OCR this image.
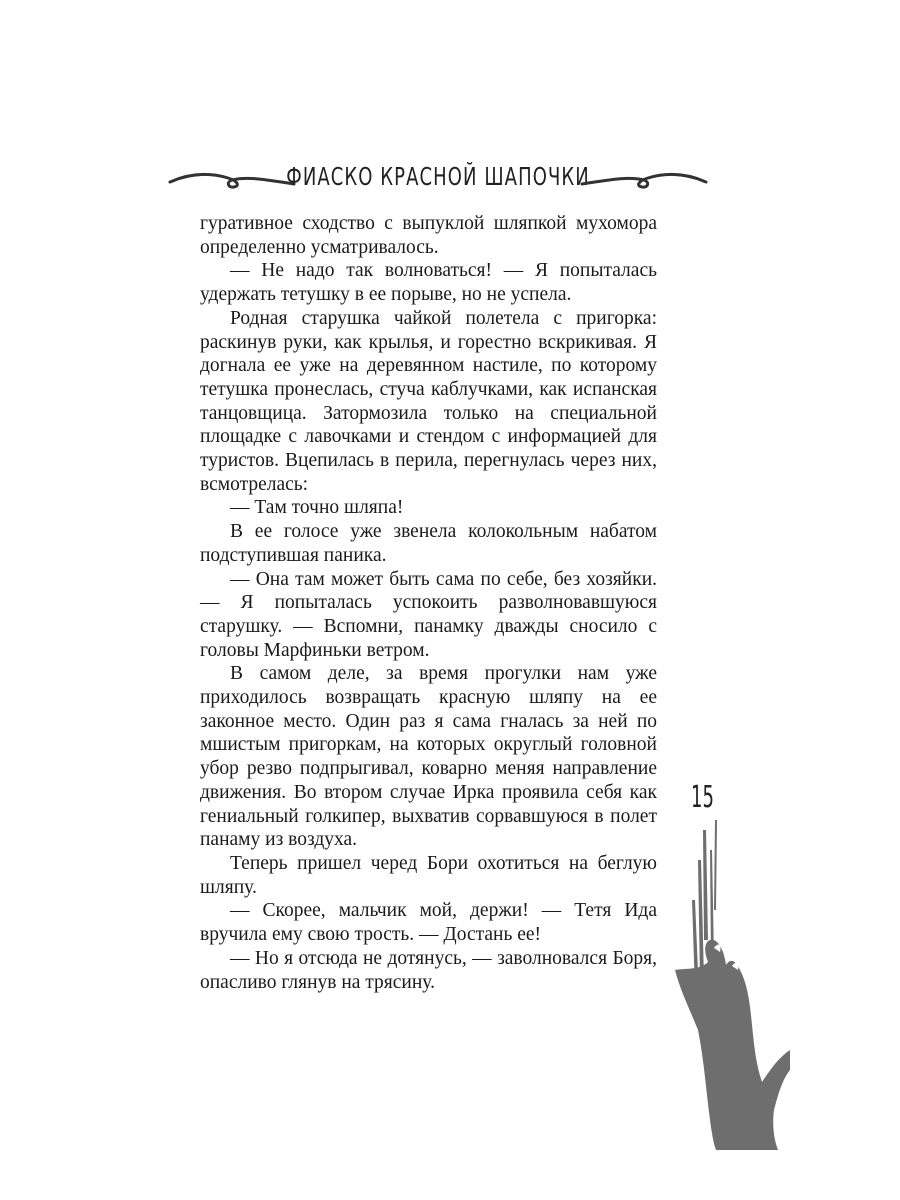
ФИАСКО КРАСНОЙ ШАПОЧКИ

гуративное сходство с выпуклой шляпкой мухомора определенно усматривалось.

— Не надо так волноваться! — Я попыталась удержать тетушку в ее порыве, но не успела.

Родная старушка чайкой полетела с пригорка: раскинув руки, как крылья, и горестно вскрикивая. Я догнала ее уже на деревянном настиле, по которому тетушка пронеслась, стуча каблучками, как испанская танцовщица. Затормозила только на специальной площадке с лавочками и стендом с информацией для туристов. Вцепилась в перила, перегнулась через них, всмотрелась:

— Там точно шляпа!

В ее голосе уже звенела колокольным набатом подступившая паника.

— Она там может быть сама по себе, без хозяйки. — Я попыталась успокоить разволновавшуюся старушку. — Вспомни, панамку дважды сносило с головы Марфиньки ветром.

В самом деле, за время прогулки нам уже приходилось возвращать красную шляпу на ее законное место. Один раз я сама гналась за ней по мшистым пригоркам, на которых округлый головной убор резво подпрыгивал, коварно меняя направление движения. Во втором случае Ирка проявила себя как гениальный голкипер, выхватив сорвавшуюся в полет панаму из воздуха.

Теперь пришел черед Бори охотиться на беглую шляпу.

— Скорее, мальчик мой, держи! — Тетя Ида вручила ему свою трость. — Достань ее!

— Но я отсюда не дотянусь, — заволновался Боря, опасливо глянув на трясину.

15
